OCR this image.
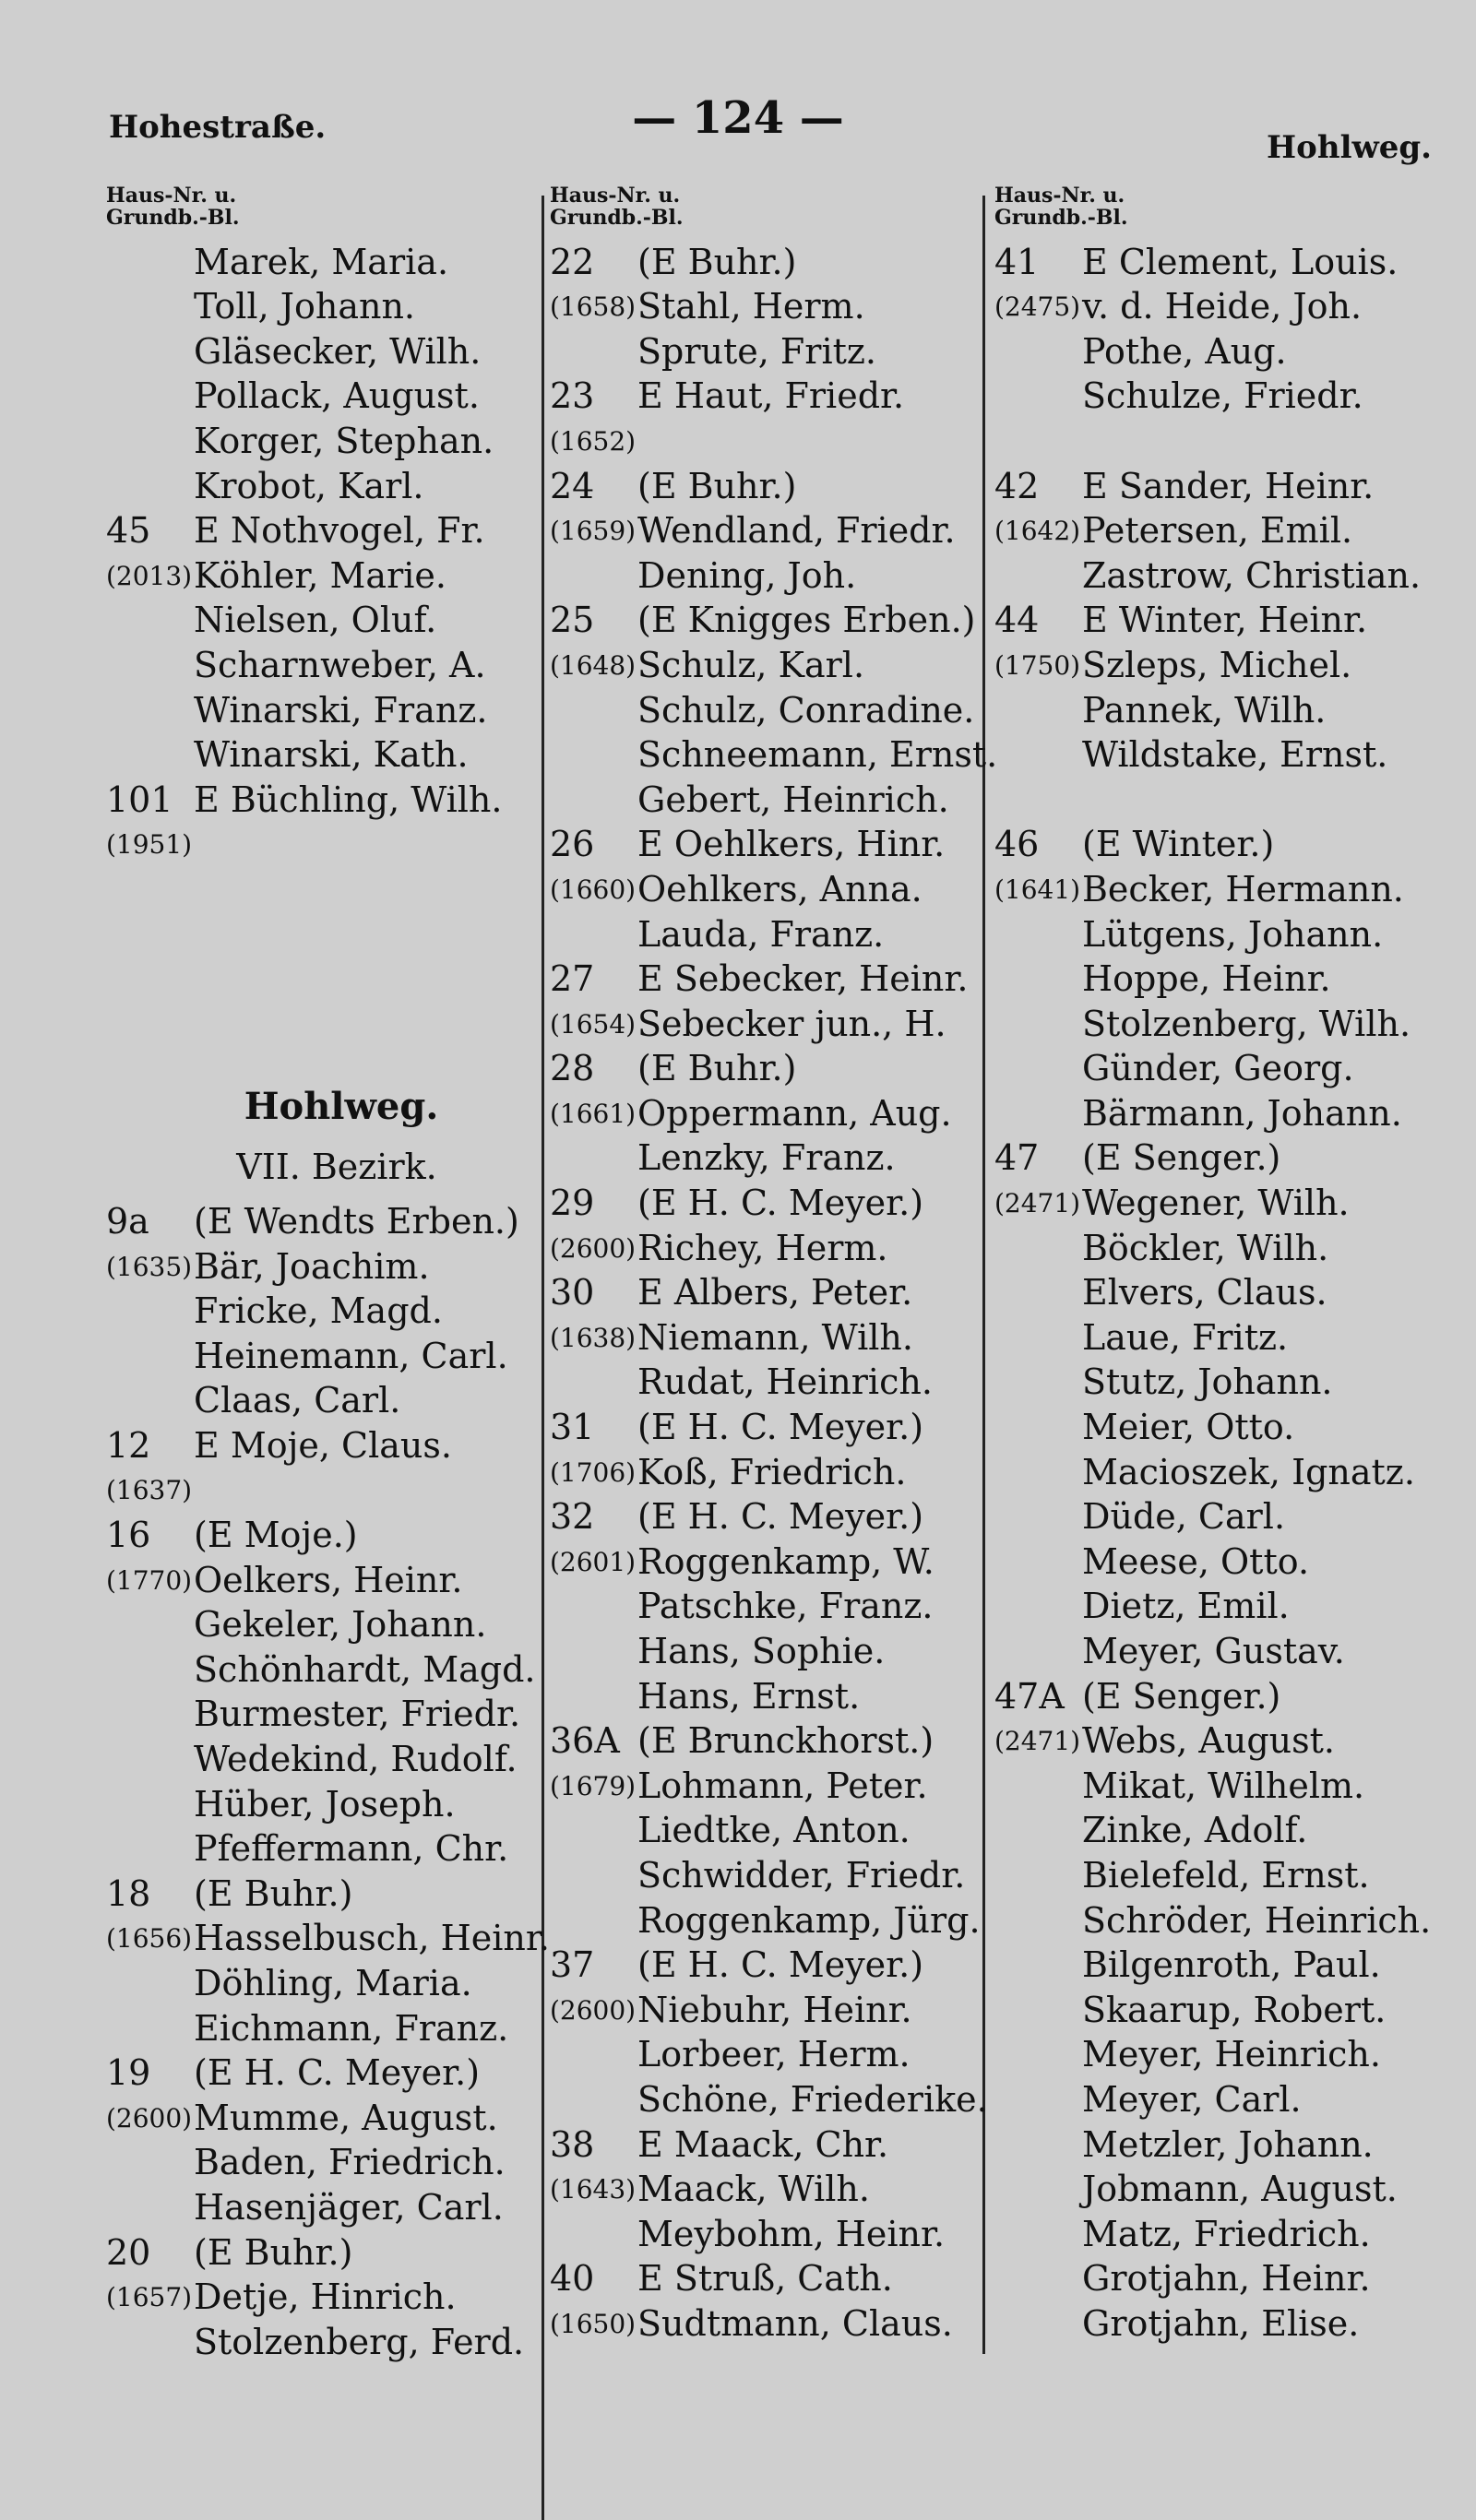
Hohestraße.	— 124 —
Hohlweg.
Haus-Nr. u.
Grundb.-Bl.
Marek, Maria.
Toll, Johann.
Gläsecker, Wilh.
Pollack, August.
Korger, Stephan.
Krobot, Karl.
45 E Nothvogel, Fr.
(2013) Köhler, Marie.
Nielsen, Oluf.
Scharnweber, A.
Winarski, Franz.
Winarski, Kath.
101 E Büchling, Wilh.
(1951)
Hohlweg.
VII. Bezirk.
9a (E Wendts Erben.)
(1635) Bär, Joachim.
Fricke, Magd.
Heinemann, Carl.
Claas, Carl.
12 E Moje, Claus.
(1637)
16 (E Moje.)
(1770) Oelkers, Heinr.
Gekeler, Johann.
Schönhardt, Magd.
Burmester, Friedr.
Wedekind, Rudolf.
Hüber, Joseph.
Pfeffermann, Chr.
18 (E Buhr.)
(1656) Hasselbusch, Heinr.
Döhling, Maria.
Eichmann, Franz.
19 (E H. C. Meyer.)
(2600) Mumme, August.
Baden, Friedrich.
Hasenjäger, Carl.
20 (E Buhr.)
(1657) Detje, Hinrich.
Stolzenberg, Ferd.
Haus-Nr. u.
Grundb.-Bl.
22 (E Buhr.)
(1658) Stahl, Herm.
Sprute, Fritz.
23 E Haut, Friedr.
(1652)
24 (E Buhr.)
(1659) Wendland, Friedr.
Dening, Joh.
25 (E Knigges Erben.)
(1648) Schulz, Karl.
Schulz, Conradine.
Schneemann, Ernst.
Gebert, Heinrich.
26 E Oehlkers, Hinr.
(1660) Oehlkers, Anna.
Lauda, Franz.
27 E Sebecker, Heinr.
(1654) Sebecker jun., H.
28 (E Buhr.)
(1661) Oppermann, Aug.
Lenzky, Franz.
29 (E H. C. Meyer.)
(2600) Richey, Herm.
30 E Albers, Peter.
(1638) Niemann, Wilh.
Rudat, Heinrich.
31 (E H. C. Meyer.)
(1706) Koß, Friedrich.
32 (E H. C. Meyer.)
(2601) Roggenkamp, W.
Patschke, Franz.
Hans, Sophie.
Hans, Ernst.
36A (E Brunckhorst.)
(1679) Lohmann, Peter.
Liedtke, Anton.
Schwidder, Friedr.
Roggenkamp, Jürg.
37 (E H. C. Meyer.)
(2600) Niebuhr, Heinr.
Lorbeer, Herm.
Schöne, Friederike.
38 E Maack, Chr.
(1643) Maack, Wilh.
Meybohm, Heinr.
40 E Struß, Cath.
(1650) Sudtmann, Claus.
Haus-Nr. u.
Grundb.-Bl.
41 E Clement, Louis.
(2475) v. d. Heide, Joh.
Pothe, Aug.
Schulze, Friedr.
42 E Sander, Heinr.
(1642) Petersen, Emil.
Zastrow, Christian.
44 E Winter, Heinr.
(1750) Szleps, Michel.
Pannek, Wilh.
Wildstake, Ernst.
46 (E Winter.)
(1641) Becker, Hermann.
Lütgens, Johann.
Hoppe, Heinr.
Stolzenberg, Wilh.
Günder, Georg.
Bärmann, Johann.
47 (E Senger.)
(2471) Wegener, Wilh.
Böckler, Wilh.
Elvers, Claus.
Laue, Fritz.
Stutz, Johann.
Meier, Otto.
Macioszek, Ignatz.
Düde, Carl.
Meese, Otto.
Dietz, Emil.
Meyer, Gustav.
47A (E Senger.)
(2471) Webs, August.
Mikat, Wilhelm.
Zinke, Adolf.
Bielefeld, Ernst.
Schröder, Heinrich.
Bilgenroth, Paul.
Skaarup, Robert.
Meyer, Heinrich.
Meyer, Carl.
Metzler, Johann.
Jobmann, August.
Matz, Friedrich.
Grotjahn, Heinr.
Grotjahn, Elise.
